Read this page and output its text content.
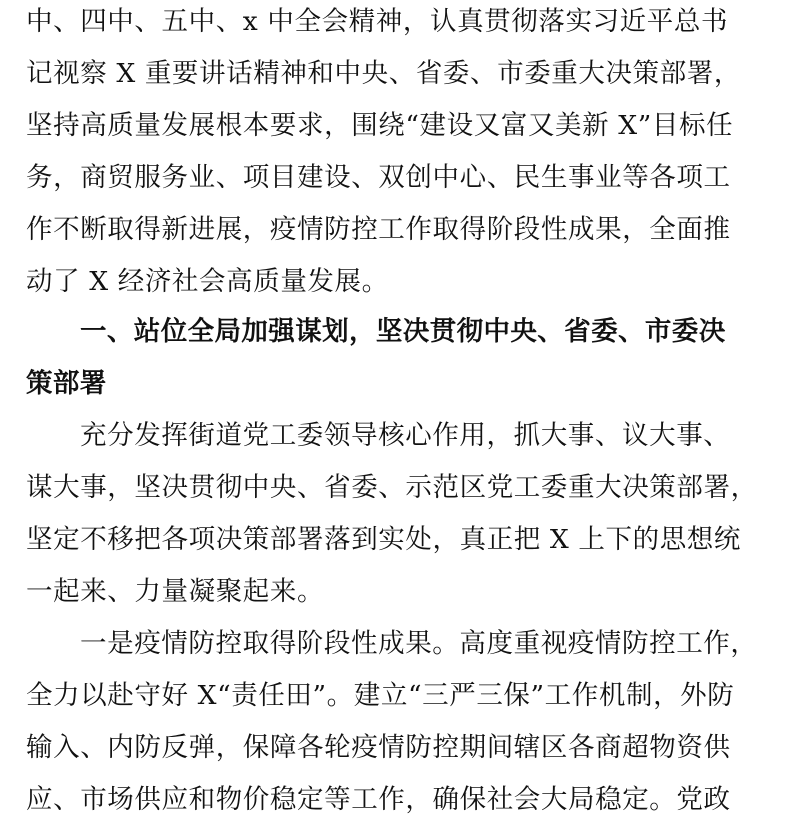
中、四中、五中、x 中全会精神，认真贯彻落实习近平总书
记视察 X 重要讲话精神和中央、省委、市委重大决策部署，
坚持高质量发展根本要求，围绕“建设又富又美新 X”目标任
务，商贸服务业、项目建设、双创中心、民生事业等各项工
作不断取得新进展，疫情防控工作取得阶段性成果，全面推
动了 X 经济社会高质量发展。
一、站位全局加强谋划，坚决贯彻中央、省委、市委决
策部署
充分发挥街道党工委领导核心作用，抓大事、议大事、
谋大事，坚决贯彻中央、省委、示范区党工委重大决策部署，
坚定不移把各项决策部署落到实处，真正把 X 上下的思想统
一起来、力量凝聚起来。
一是疫情防控取得阶段性成果。高度重视疫情防控工作，
全力以赴守好 X“责任田”。建立“三严三保”工作机制，外防
输入、内防反弹，保障各轮疫情防控期间辖区各商超物资供
应、市场供应和物价稳定等工作，确保社会大局稳定。党政
